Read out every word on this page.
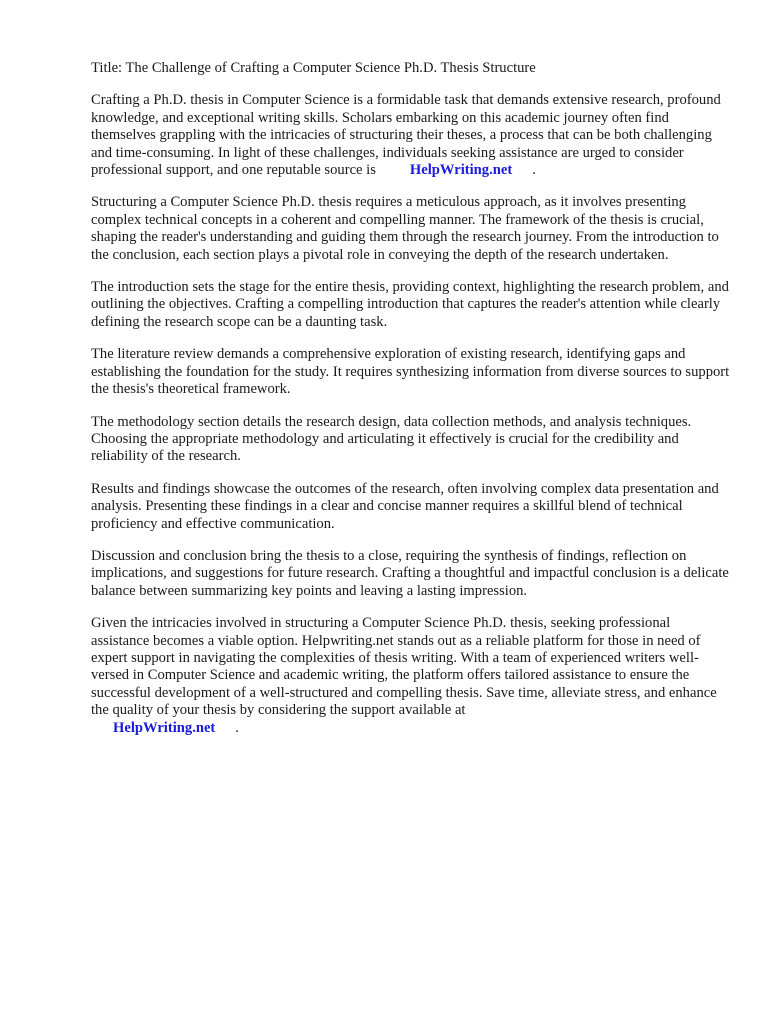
Title: The Challenge of Crafting a Computer Science Ph.D. Thesis Structure

Crafting a Ph.D. thesis in Computer Science is a formidable task that demands extensive research, profound knowledge, and exceptional writing skills. Scholars embarking on this academic journey often find themselves grappling with the intricacies of structuring their theses, a process that can be both challenging and time-consuming. In light of these challenges, individuals seeking assistance are urged to consider professional support, and one reputable source is HelpWriting.net .

Structuring a Computer Science Ph.D. thesis requires a meticulous approach, as it involves presenting complex technical concepts in a coherent and compelling manner. The framework of the thesis is crucial, shaping the reader's understanding and guiding them through the research journey. From the introduction to the conclusion, each section plays a pivotal role in conveying the depth of the research undertaken.

The introduction sets the stage for the entire thesis, providing context, highlighting the research problem, and outlining the objectives. Crafting a compelling introduction that captures the reader's attention while clearly defining the research scope can be a daunting task.

The literature review demands a comprehensive exploration of existing research, identifying gaps and establishing the foundation for the study. It requires synthesizing information from diverse sources to support the thesis's theoretical framework.

The methodology section details the research design, data collection methods, and analysis techniques. Choosing the appropriate methodology and articulating it effectively is crucial for the credibility and reliability of the research.

Results and findings showcase the outcomes of the research, often involving complex data presentation and analysis. Presenting these findings in a clear and concise manner requires a skillful blend of technical proficiency and effective communication.

Discussion and conclusion bring the thesis to a close, requiring the synthesis of findings, reflection on implications, and suggestions for future research. Crafting a thoughtful and impactful conclusion is a delicate balance between summarizing key points and leaving a lasting impression.

Given the intricacies involved in structuring a Computer Science Ph.D. thesis, seeking professional assistance becomes a viable option. Helpwriting.net stands out as a reliable platform for those in need of expert support in navigating the complexities of thesis writing. With a team of experienced writers well-versed in Computer Science and academic writing, the platform offers tailored assistance to ensure the successful development of a well-structured and compelling thesis. Save time, alleviate stress, and enhance the quality of your thesis by considering the support available at
HelpWriting.net .
